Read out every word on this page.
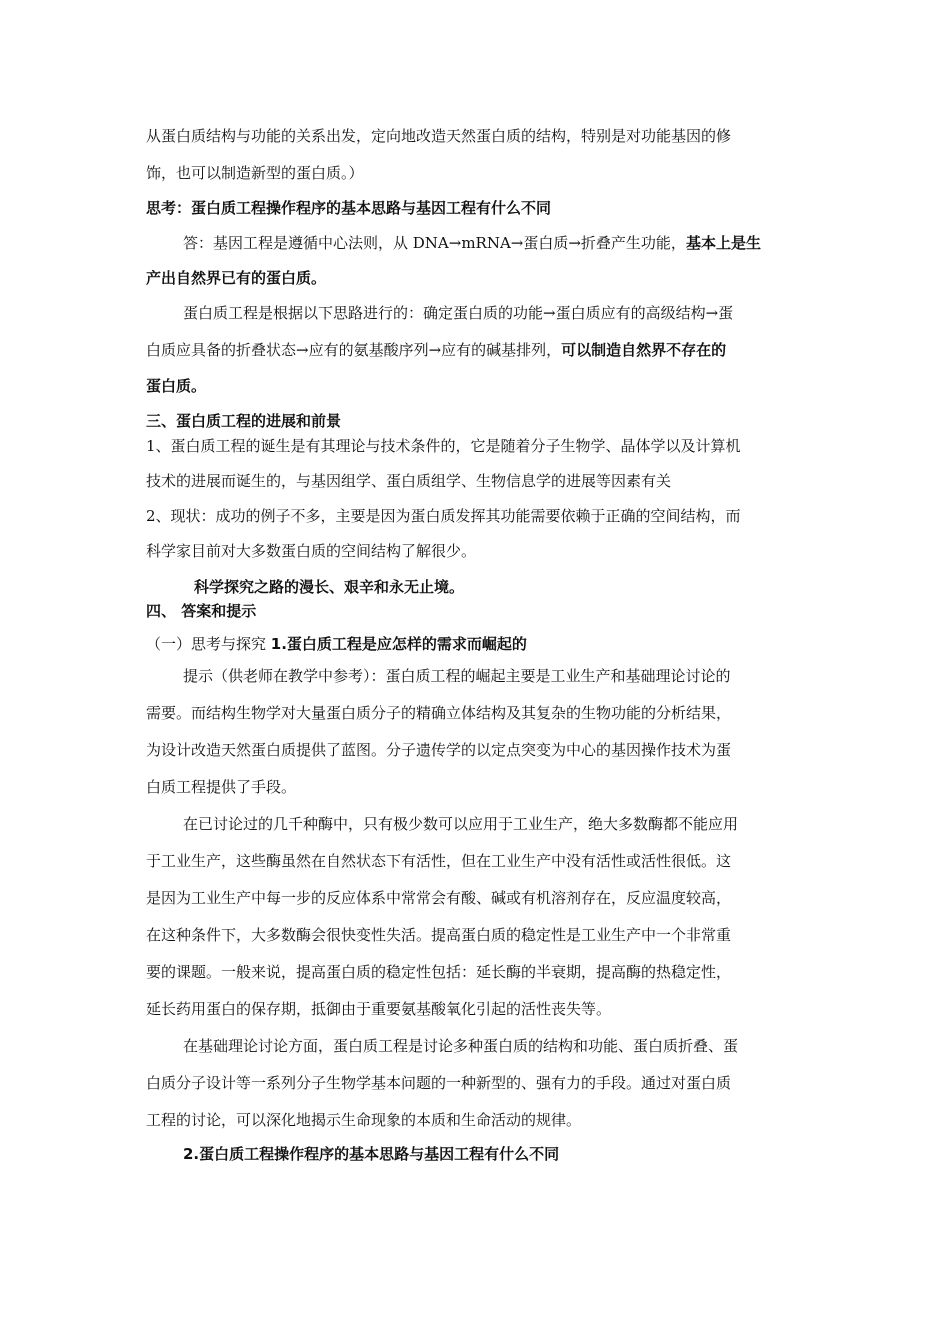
从蛋白质结构与功能的关系出发，定向地改造天然蛋白质的结构，特别是对功能基因的修
饰，也可以制造新型的蛋白质。）
思考：蛋白质工程操作程序的基本思路与基因工程有什么不同
答：基因工程是遵循中心法则，从 DNA→mRNA→蛋白质→折叠产生功能，基本上是生
产出自然界已有的蛋白质。
蛋白质工程是根据以下思路进行的：确定蛋白质的功能→蛋白质应有的高级结构→蛋
白质应具备的折叠状态→应有的氨基酸序列→应有的碱基排列，可以制造自然界不存在的
蛋白质。
三、蛋白质工程的进展和前景
1、蛋白质工程的诞生是有其理论与技术条件的，它是随着分子生物学、晶体学以及计算机
技术的进展而诞生的，与基因组学、蛋白质组学、生物信息学的进展等因素有关
2、现状：成功的例子不多，主要是因为蛋白质发挥其功能需要依赖于正确的空间结构，而
科学家目前对大多数蛋白质的空间结构了解很少。
科学探究之路的漫长、艰辛和永无止境。
四、 答案和提示
（一）思考与探究 1.蛋白质工程是应怎样的需求而崛起的
提示（供老师在教学中参考）：蛋白质工程的崛起主要是工业生产和基础理论讨论的
需要。而结构生物学对大量蛋白质分子的精确立体结构及其复杂的生物功能的分析结果，
为设计改造天然蛋白质提供了蓝图。分子遗传学的以定点突变为中心的基因操作技术为蛋
白质工程提供了手段。
在已讨论过的几千种酶中，只有极少数可以应用于工业生产，绝大多数酶都不能应用
于工业生产，这些酶虽然在自然状态下有活性，但在工业生产中没有活性或活性很低。这
是因为工业生产中每一步的反应体系中常常会有酸、碱或有机溶剂存在，反应温度较高，
在这种条件下，大多数酶会很快变性失活。提高蛋白质的稳定性是工业生产中一个非常重
要的课题。一般来说，提高蛋白质的稳定性包括：延长酶的半衰期，提高酶的热稳定性，
延长药用蛋白的保存期，抵御由于重要氨基酸氧化引起的活性丧失等。
在基础理论讨论方面，蛋白质工程是讨论多种蛋白质的结构和功能、蛋白质折叠、蛋
白质分子设计等一系列分子生物学基本问题的一种新型的、强有力的手段。通过对蛋白质
工程的讨论，可以深化地揭示生命现象的本质和生命活动的规律。
2.蛋白质工程操作程序的基本思路与基因工程有什么不同
